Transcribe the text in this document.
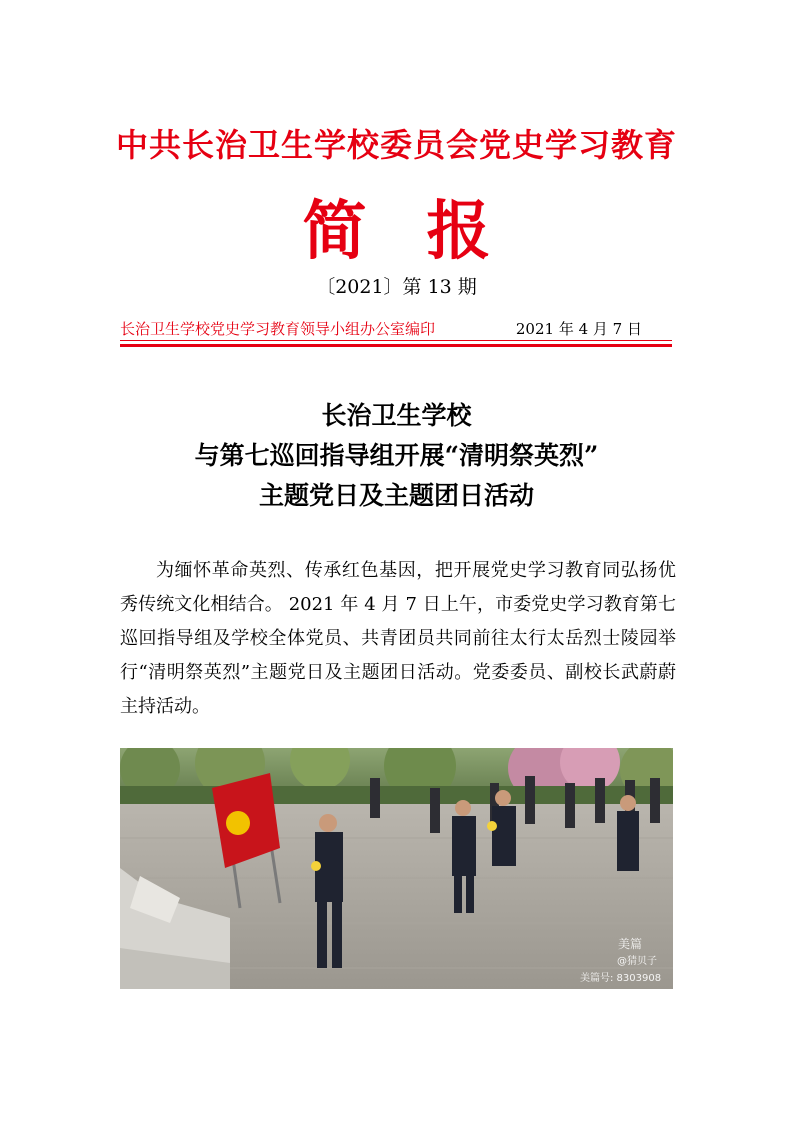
中共长治卫生学校委员会党史学习教育
简报
〔2021〕第 13 期
长治卫生学校党史学习教育领导小组办公室编印	2021 年 4 月 7 日
长治卫生学校
与第七巡回指导组开展“清明祭英烈”
主题党日及主题团日活动

为缅怀革命英烈、传承红色基因，把开展党史学习教育同弘扬优秀传统文化相结合。 2021 年 4 月 7 日上午，市委党史学习教育第七巡回指导组及学校全体党员、共青团员共同前往太行太岳烈士陵园举行“清明祭英烈”主题党日及主题团日活动。党委委员、副校长武蔚蔚主持活动。

美篇
@猜贝子
美篇号: 8303908
